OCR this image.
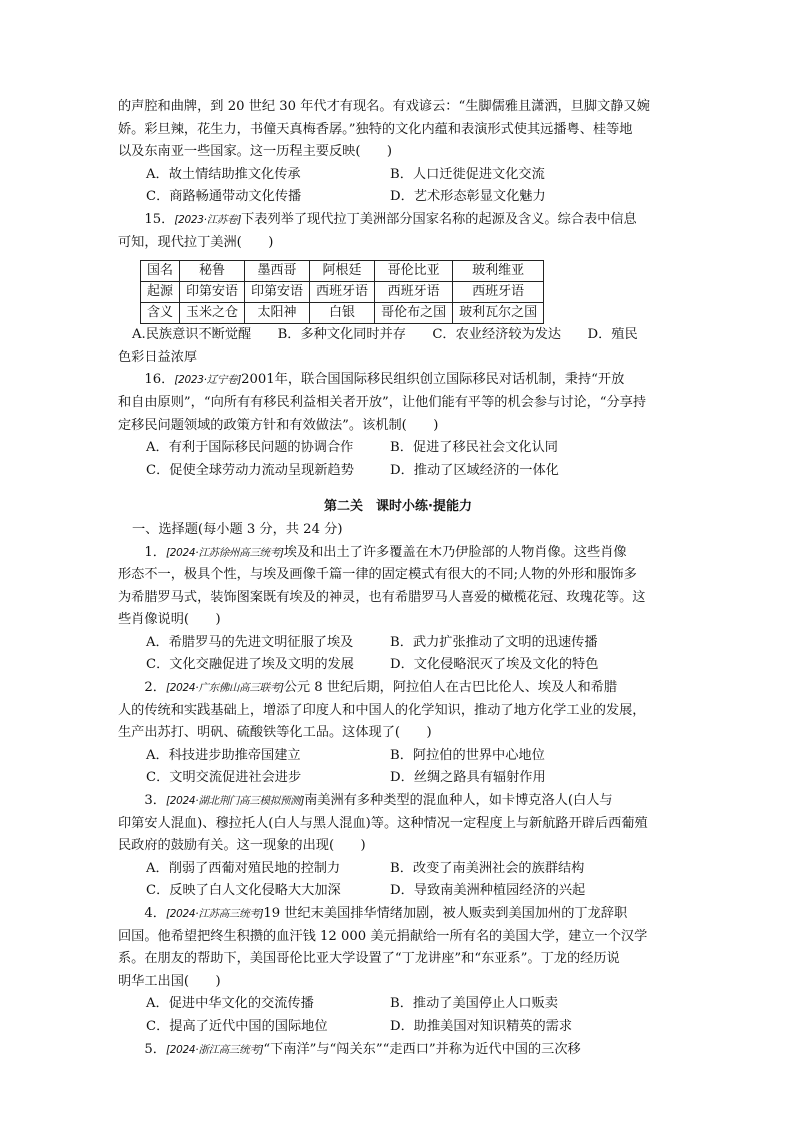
的声腔和曲牌，到 20 世纪 30 年代才有现名。有戏谚云：“生脚儒雅且潇洒，旦脚文静又婉

娇。彩旦辣，花生力，书僮天真梅香孱。”独特的文化内蕴和表演形式使其远播粤、桂等地

以及东南亚一些国家。这一历程主要反映(　　)

A．故土情结助推文化传承	B．人口迁徙促进文化交流

C．商路畅通带动文化传播	D．艺术形态彰显文化魅力

15．[2023·江苏卷]下表列举了现代拉丁美洲部分国家名称的起源及含义。综合表中信息

可知，现代拉丁美洲(　　)

国名	秘鲁	墨西哥	阿根廷	哥伦比亚	玻利维亚
起源	印第安语	印第安语	西班牙语	西班牙语	西班牙语
含义	玉米之仓	太阳神	白银	哥伦布之国	玻利瓦尔之国

A.民族意识不断觉醒　　B．多种文化同时并存　　C．农业经济较为发达　　D．殖民

色彩日益浓厚

16．[2023·辽宁卷]2001年，联合国国际移民组织创立国际移民对话机制，秉持“开放

和自由原则”，“向所有有移民利益相关者开放”，让他们能有平等的机会参与讨论，“分享持

定移民问题领域的政策方针和有效做法”。该机制(　　)

A．有利于国际移民问题的协调合作	B．促进了移民社会文化认同

C．促使全球劳动力流动呈现新趋势	D．推动了区域经济的一体化

第二关　课时小练·提能力

一、选择题(每小题 3 分，共 24 分)

1．[2024·江苏徐州高三统考]埃及和出土了许多覆盖在木乃伊脸部的人物肖像。这些肖像

形态不一，极具个性，与埃及画像千篇一律的固定模式有很大的不同;人物的外形和服饰多

为希腊罗马式，装饰图案既有埃及的神灵，也有希腊罗马人喜爱的橄榄花冠、玫瑰花等。这

些肖像说明(　　)

A．希腊罗马的先进文明征服了埃及	B．武力扩张推动了文明的迅速传播

C．文化交融促进了埃及文明的发展	D．文化侵略泯灭了埃及文化的特色

2．[2024·广东佛山高三联考]公元 8 世纪后期，阿拉伯人在古巴比伦人、埃及人和希腊

人的传统和实践基础上，增添了印度人和中国人的化学知识，推动了地方化学工业的发展，

生产出苏打、明矾、硫酸铁等化工品。这体现了(　　)

A．科技进步助推帝国建立	B．阿拉伯的世界中心地位

C．文明交流促进社会进步	D．丝绸之路具有辐射作用

3．[2024·湖北荆门高三模拟预测]南美洲有多种类型的混血种人，如卡博克洛人(白人与

印第安人混血)、穆拉托人(白人与黑人混血)等。这种情况一定程度上与新航路开辟后西葡殖

民政府的鼓励有关。这一现象的出现(　　)

A．削弱了西葡对殖民地的控制力	B．改变了南美洲社会的族群结构

C．反映了白人文化侵略大大加深	D．导致南美洲种植园经济的兴起

4．[2024·江苏高三统考]19 世纪末美国排华情绪加剧，被人贩卖到美国加州的丁龙辞职

回国。他希望把终生积攒的血汗钱 12 000 美元捐献给一所有名的美国大学，建立一个汉学

系。在朋友的帮助下，美国哥伦比亚大学设置了“丁龙讲座”和“东亚系”。丁龙的经历说

明华工出国(　　)

A．促进中华文化的交流传播	B．推动了美国停止人口贩卖

C．提高了近代中国的国际地位	D．助推美国对知识精英的需求

5．[2024·浙江高三统考]“下南洋”与“闯关东”“走西口”并称为近代中国的三次移
